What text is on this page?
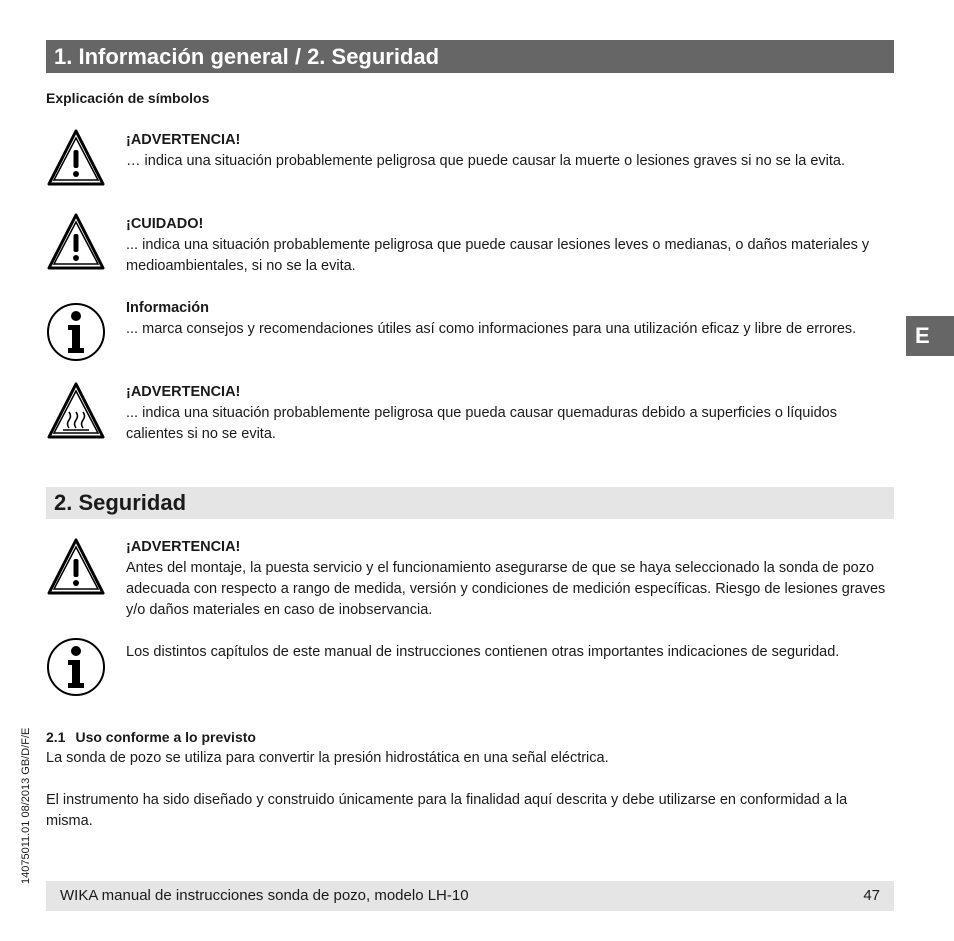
1. Información general / 2. Seguridad
Explicación de símbolos
¡ADVERTENCIA!
… indica una situación probablemente peligrosa que puede causar la muerte o lesiones graves si no se la evita.
¡CUIDADO!
... indica una situación probablemente peligrosa que puede causar lesiones leves o medianas, o daños materiales y medioambientales, si no se la evita.
Información
... marca consejos y recomendaciones útiles así como informaciones para una utilización eficaz y libre de errores.
¡ADVERTENCIA!
... indica una situación probablemente peligrosa que pueda causar quemaduras debido a superficies o líquidos calientes si no se evita.
E
2. Seguridad
¡ADVERTENCIA!
Antes del montaje, la puesta servicio y el funcionamiento asegurarse de que se haya seleccionado la sonda de pozo adecuada con respecto a rango de medida, versión y condiciones de medición específicas. Riesgo de lesiones graves y/o daños materiales en caso de inobservancia.
Los distintos capítulos de este manual de instrucciones contienen otras importantes indicaciones de seguridad.
2.1 Uso conforme a lo previsto
La sonda de pozo se utiliza para convertir la presión hidrostática en una señal eléctrica.
El instrumento ha sido diseñado y construido únicamente para la finalidad aquí descrita y debe utilizarse en conformidad a la misma.
14075011.01 08/2013 GB/D/F/E
WIKA manual de instrucciones sonda de pozo, modelo LH-10	47
